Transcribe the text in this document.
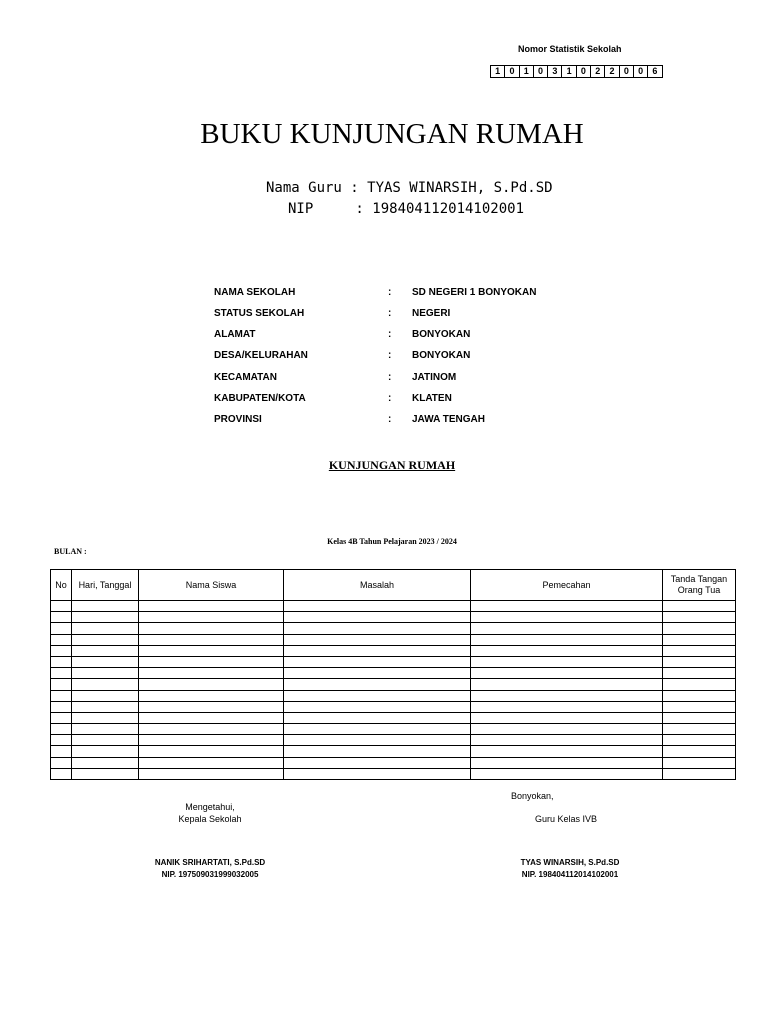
Nomor Statistik Sekolah
1	0	1	0	3	1	0	2	2	0	0	6
BUKU KUNJUNGAN RUMAH
Nama Guru : TYAS WINARSIH, S.Pd.SD
NIP     : 198404112014102001
NAMA SEKOLAH	: SD NEGERI 1 BONYOKAN
STATUS SEKOLAH	: NEGERI
ALAMAT	: BONYOKAN
DESA/KELURAHAN	: BONYOKAN
KECAMATAN	: JATINOM
KABUPATEN/KOTA	: KLATEN
PROVINSI	: JAWA TENGAH
KUNJUNGAN RUMAH
Kelas 4B Tahun Pelajaran 2023 / 2024
BULAN :
No	Hari, Tanggal	Nama Siswa	Masalah	Pemecahan	Tanda Tangan
Orang Tua

Mengetahui,
Kepala Sekolah
NANIK SRIHARTATI, S.Pd.SD
NIP. 197509031999032005
Bonyokan,
Guru Kelas IVB
TYAS WINARSIH, S.Pd.SD
NIP. 198404112014102001
